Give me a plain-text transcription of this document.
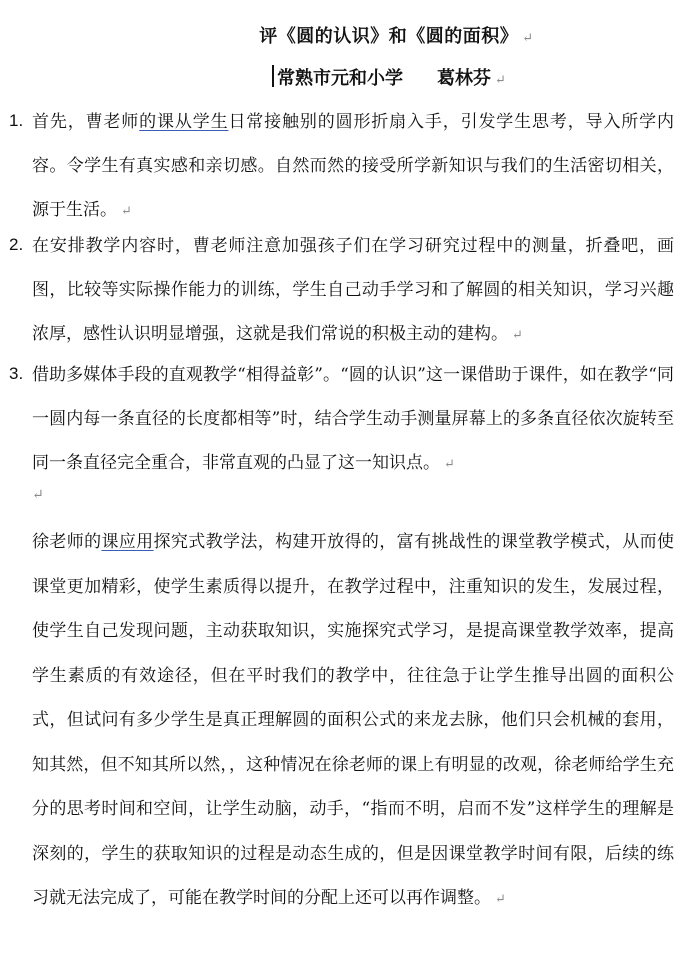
评《圆的认识》和《圆的面积》 ↵
常熟市元和小学 葛林芬 ↵
1. 首先，曹老师的课从学生日常接触别的圆形折扇入手，引发学生思考，导入所学内容。令学生有真实感和亲切感。自然而然的接受所学新知识与我们的生活密切相关，源于生活。 ↵
2. 在安排教学内容时，曹老师注意加强孩子们在学习研究过程中的测量，折叠吧，画图，比较等实际操作能力的训练，学生自己动手学习和了解圆的相关知识，学习兴趣浓厚，感性认识明显增强，这就是我们常说的积极主动的建构。 ↵
3. 借助多媒体手段的直观教学“相得益彰”。“圆的认识”这一课借助于课件，如在教学“同一圆内每一条直径的长度都相等”时，结合学生动手测量屏幕上的多条直径依次旋转至同一条直径完全重合，非常直观的凸显了这一知识点。 ↵
↵
徐老师的课应用探究式教学法，构建开放得的，富有挑战性的课堂教学模式，从而使课堂更加精彩，使学生素质得以提升，在教学过程中，注重知识的发生，发展过程，使学生自己发现问题，主动获取知识，实施探究式学习，是提高课堂教学效率，提高学生素质的有效途径，但在平时我们的教学中，往往急于让学生推导出圆的面积公式，但试问有多少学生是真正理解圆的面积公式的来龙去脉，他们只会机械的套用，知其然，但不知其所以然，，这种情况在徐老师的课上有明显的改观，徐老师给学生充分的思考时间和空间，让学生动脑，动手，“指而不明，启而不发”这样学生的理解是深刻的，学生的获取知识的过程是动态生成的，但是因课堂教学时间有限，后续的练习就无法完成了，可能在教学时间的分配上还可以再作调整。 ↵
